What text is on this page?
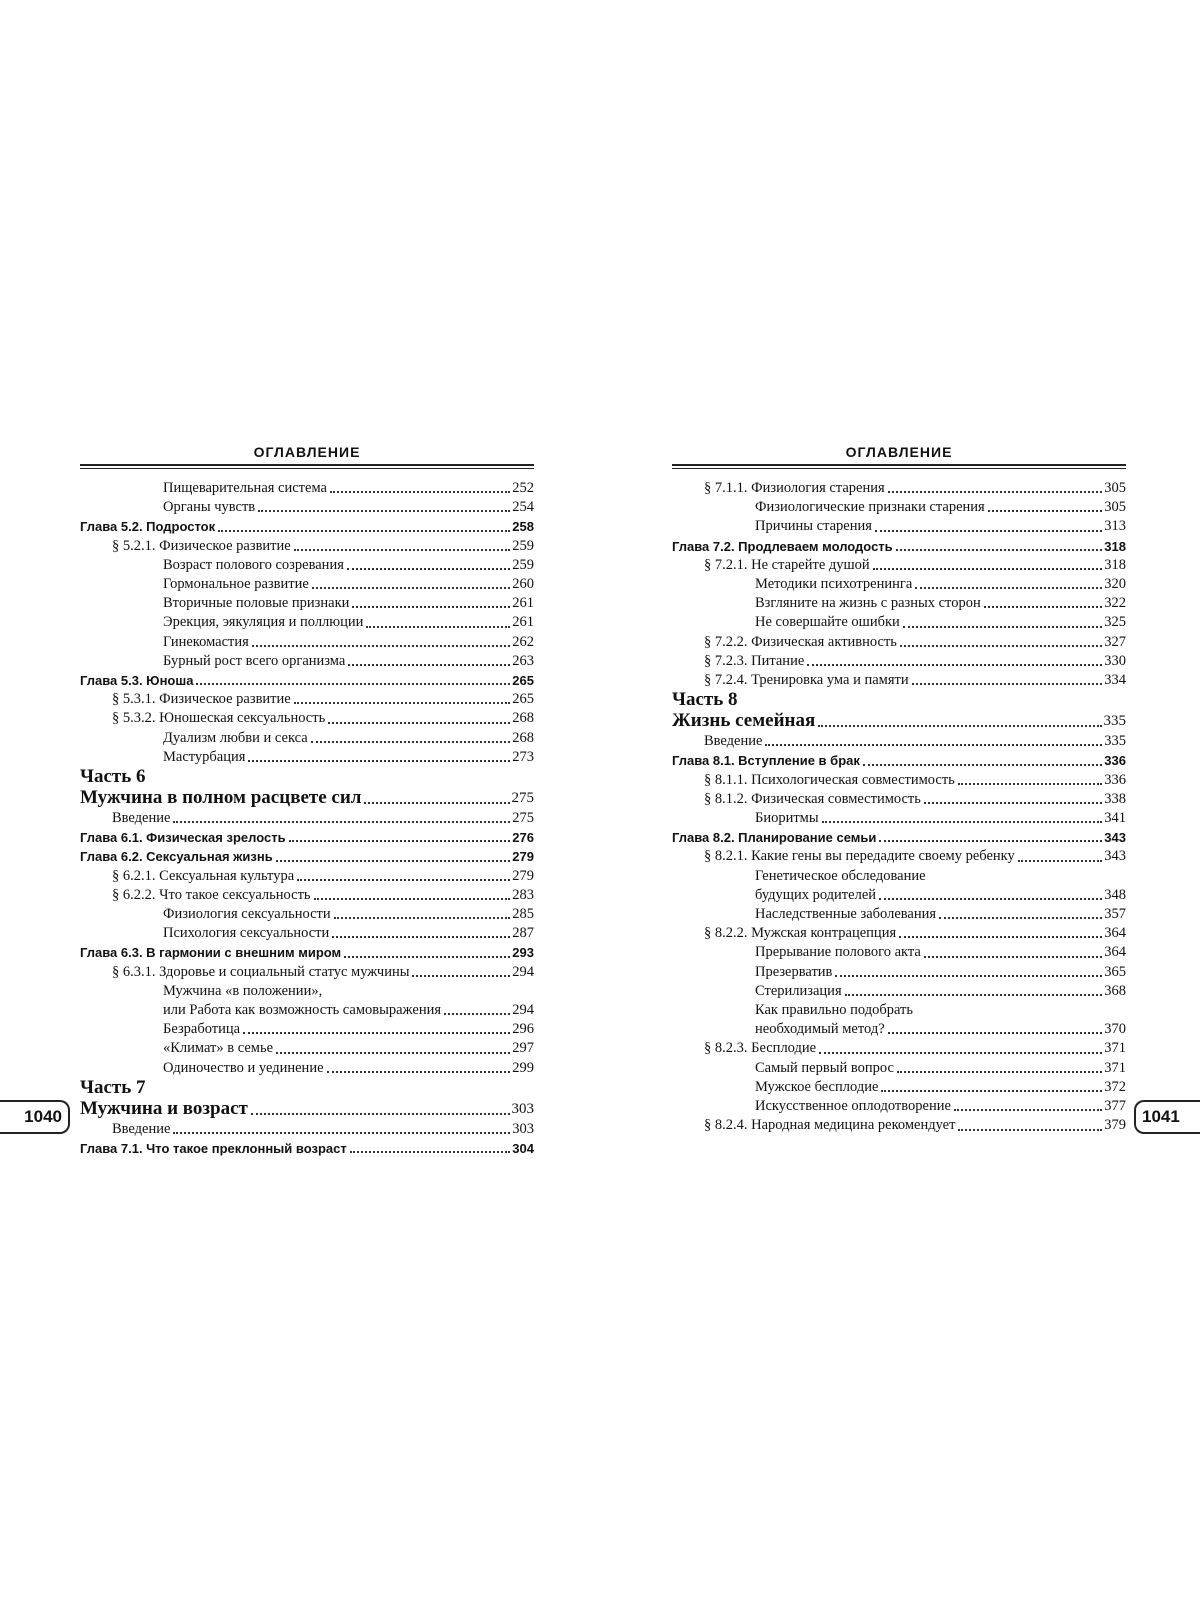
ОГЛАВЛЕНИЕ
Пищеварительная система	252
Органы чувств	254
Глава 5.2. Подросток	258
§ 5.2.1. Физическое развитие	259
Возраст полового созревания	259
Гормональное развитие	260
Вторичные половые признаки	261
Эрекция, эякуляция и поллюции	261
Гинекомастия	262
Бурный рост всего организма	263
Глава 5.3. Юноша	265
§ 5.3.1. Физическое развитие	265
§ 5.3.2. Юношеская сексуальность	268
Дуализм любви и секса	268
Мастурбация	273
Часть 6
Мужчина в полном расцвете сил	275
Введение	275
Глава 6.1. Физическая зрелость	276
Глава 6.2. Сексуальная жизнь	279
§ 6.2.1. Сексуальная культура	279
§ 6.2.2. Что такое сексуальность	283
Физиология сексуальности	285
Психология сексуальности	287
Глава 6.3. В гармонии с внешним миром	293
§ 6.3.1. Здоровье и социальный статус мужчины	294
Мужчина «в положении»,
или Работа как возможность самовыражения	294
Безработица	296
«Климат» в семье	297
Одиночество и уединение	299
Часть 7
Мужчина и возраст	303
Введение	303
Глава 7.1. Что такое преклонный возраст	304
ОГЛАВЛЕНИЕ
§ 7.1.1. Физиология старения	305
Физиологические признаки старения	305
Причины старения	313
Глава 7.2. Продлеваем молодость	318
§ 7.2.1. Не старейте душой	318
Методики психотренинга	320
Взгляните на жизнь с разных сторон	322
Не совершайте ошибки	325
§ 7.2.2. Физическая активность	327
§ 7.2.3. Питание	330
§ 7.2.4. Тренировка ума и памяти	334
Часть 8
Жизнь семейная	335
Введение	335
Глава 8.1. Вступление в брак	336
§ 8.1.1. Психологическая совместимость	336
§ 8.1.2. Физическая совместимость	338
Биоритмы	341
Глава 8.2. Планирование семьи	343
§ 8.2.1. Какие гены вы передадите своему ребенку	343
Генетическое обследование
будущих родителей	348
Наследственные заболевания	357
§ 8.2.2. Мужская контрацепция	364
Прерывание полового акта	364
Презерватив	365
Стерилизация	368
Как правильно подобрать
необходимый метод?	370
§ 8.2.3. Бесплодие	371
Самый первый вопрос	371
Мужское бесплодие	372
Искусственное оплодотворение	377
§ 8.2.4. Народная медицина рекомендует	379
1040	1041
